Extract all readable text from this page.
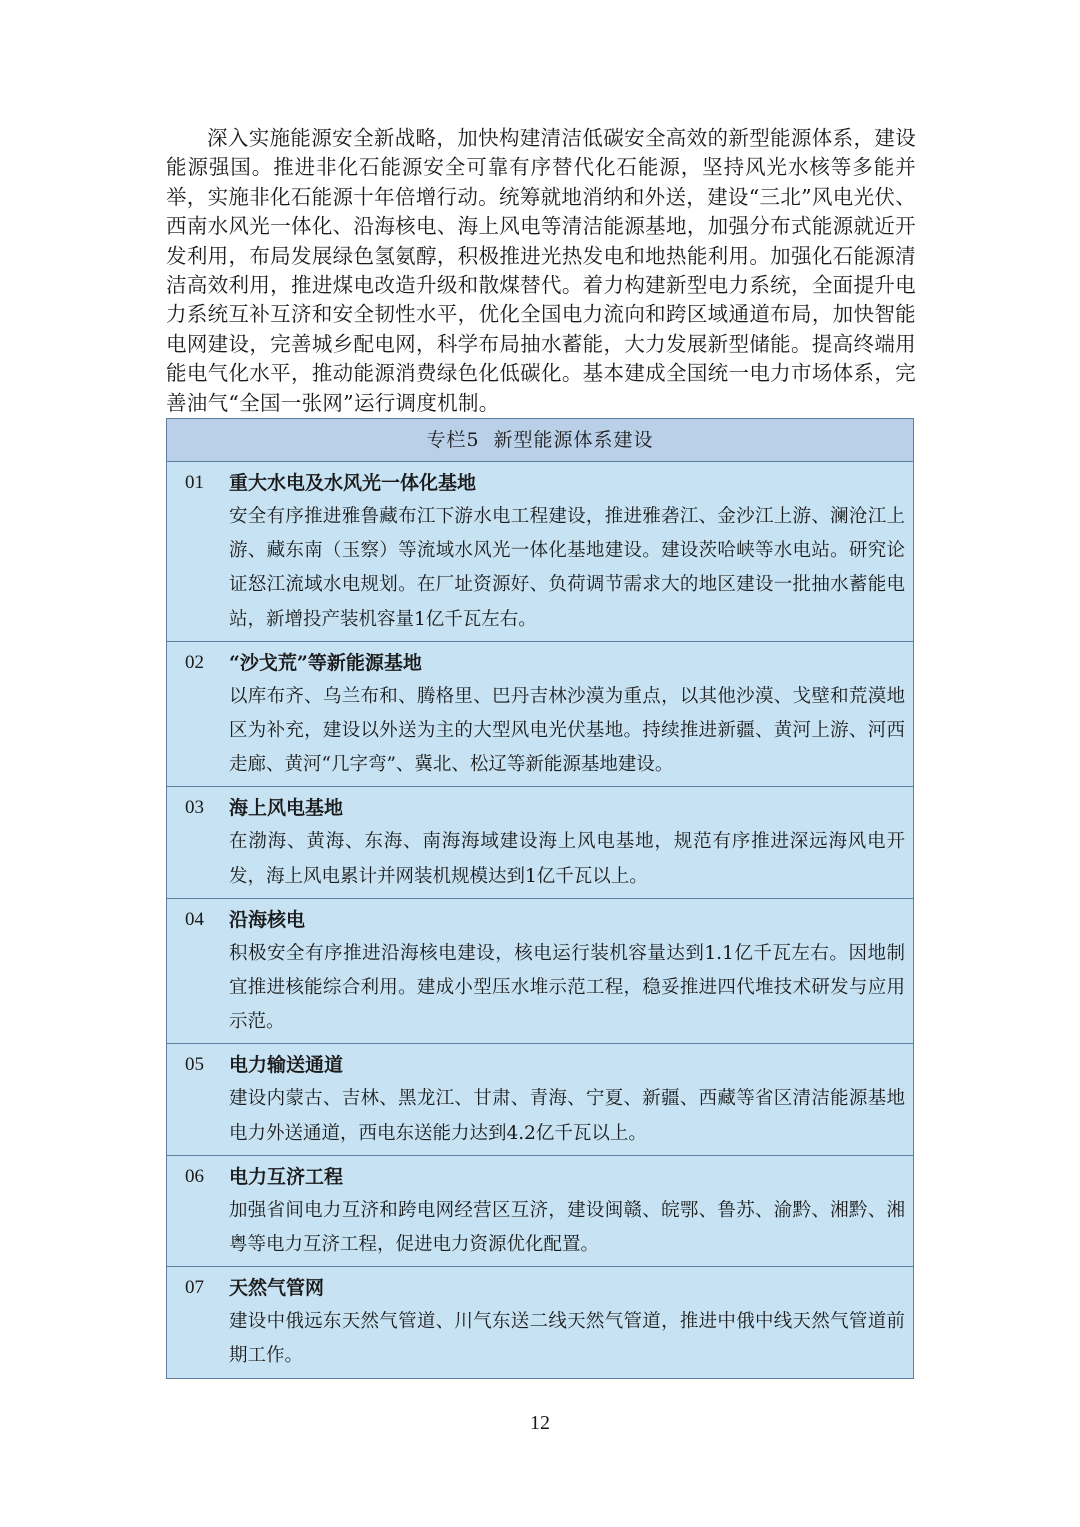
深入实施能源安全新战略，加快构建清洁低碳安全高效的新型能源体系，建设能源强国。推进非化石能源安全可靠有序替代化石能源，坚持风光水核等多能并举，实施非化石能源十年倍增行动。统筹就地消纳和外送，建设“三北”风电光伏、西南水风光一体化、沿海核电、海上风电等清洁能源基地，加强分布式能源就近开发利用，布局发展绿色氢氨醇，积极推进光热发电和地热能利用。加强化石能源清洁高效利用，推进煤电改造升级和散煤替代。着力构建新型电力系统，全面提升电力系统互补互济和安全韧性水平，优化全国电力流向和跨区域通道布局，加快智能电网建设，完善城乡配电网，科学布局抽水蓄能，大力发展新型储能。提高终端用能电气化水平，推动能源消费绿色化低碳化。基本建成全国统一电力市场体系，完善油气“全国一张网”运行调度机制。

专栏5 新型能源体系建设
01	重大水电及水风光一体化基地

安全有序推进雅鲁藏布江下游水电工程建设，推进雅砻江、金沙江上游、澜沧江上游、藏东南（玉察）等流域水风光一体化基地建设。建设茨哈峡等水电站。研究论证怒江流域水电规划。在厂址资源好、负荷调节需求大的地区建设一批抽水蓄能电站，新增投产装机容量1亿千瓦左右。

02	“沙戈荒”等新能源基地

以库布齐、乌兰布和、腾格里、巴丹吉林沙漠为重点，以其他沙漠、戈壁和荒漠地区为补充，建设以外送为主的大型风电光伏基地。持续推进新疆、黄河上游、河西走廊、黄河“几字弯”、冀北、松辽等新能源基地建设。

03	海上风电基地

在渤海、黄海、东海、南海海域建设海上风电基地，规范有序推进深远海风电开发，海上风电累计并网装机规模达到1亿千瓦以上。

04	沿海核电

积极安全有序推进沿海核电建设，核电运行装机容量达到1.1亿千瓦左右。因地制宜推进核能综合利用。建成小型压水堆示范工程，稳妥推进四代堆技术研发与应用示范。

05	电力输送通道

建设内蒙古、吉林、黑龙江、甘肃、青海、宁夏、新疆、西藏等省区清洁能源基地电力外送通道，西电东送能力达到4.2亿千瓦以上。

06	电力互济工程

加强省间电力互济和跨电网经营区互济，建设闽赣、皖鄂、鲁苏、渝黔、湘黔、湘粤等电力互济工程，促进电力资源优化配置。

07	天然气管网

建设中俄远东天然气管道、川气东送二线天然气管道，推进中俄中线天然气管道前期工作。

12
